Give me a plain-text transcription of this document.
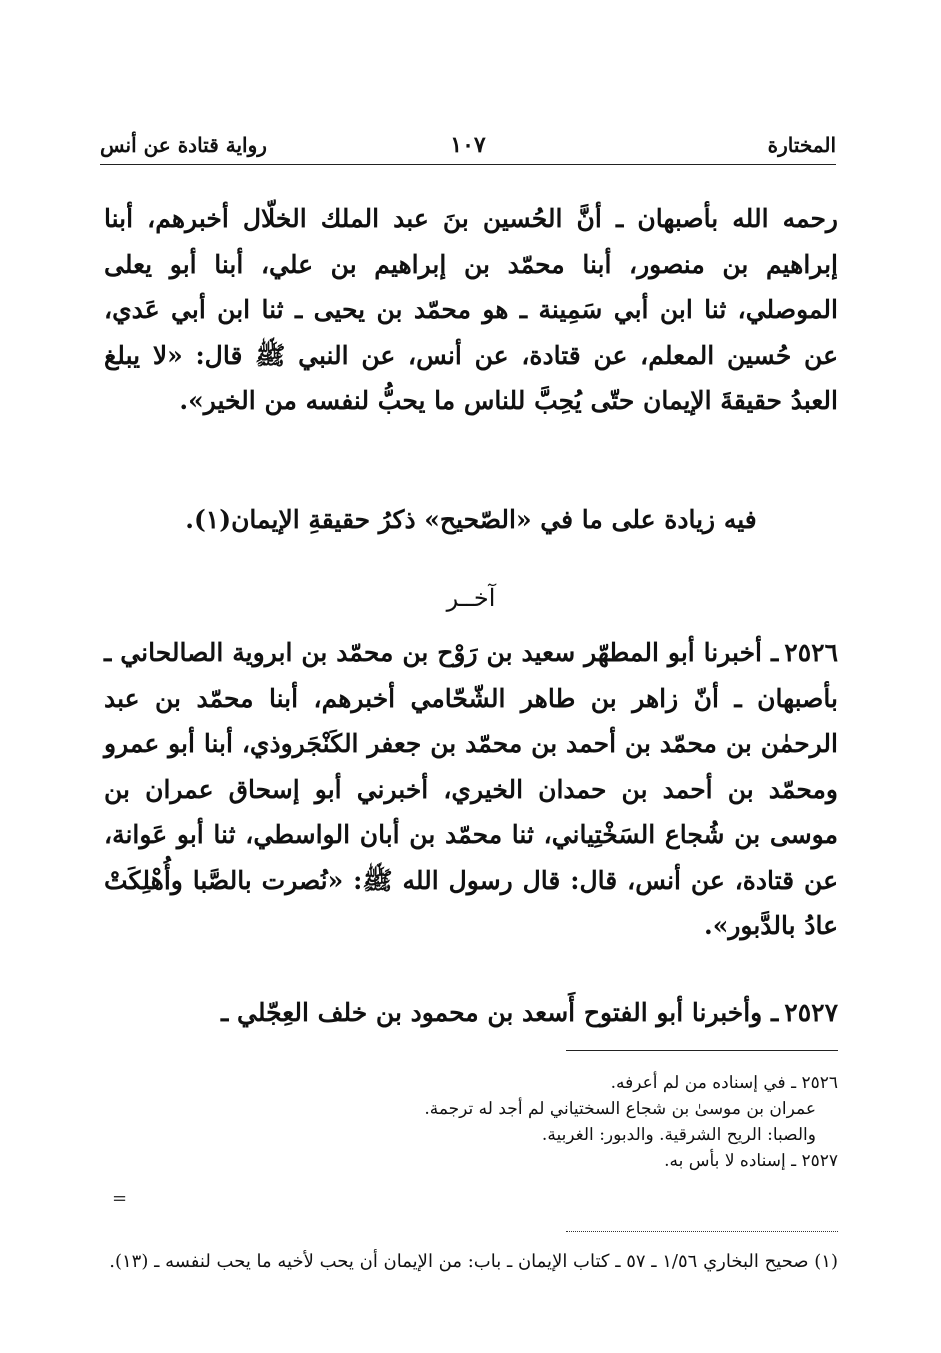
المختارة
١٠٧
رواية قتادة عن أنس

رحمه الله بأصبهان ـ أنَّ الحُسين بنَ عبد الملك الخلّال أخبرهم، أبنا إبراهيم بن منصور، أبنا محمّد بن إبراهيم بن علي، أبنا أبو يعلى الموصلي، ثنا ابن أبي سَمِينة ـ هو محمّد بن يحيى ـ ثنا ابن أبي عَدي، عن حُسين المعلم، عن قتادة، عن أنس، عن النبي ﷺ قال: «لا يبلغ العبدُ حقيقةَ الإيمان حتّى يُحِبَّ للناس ما يحبُّ لنفسه من الخير».

فيه زيادة على ما في «الصّحيح» ذكرُ حقيقةِ الإيمان(١).

آخــر

٢٥٢٦ـ أخبرنا أبو المطهّر سعيد بن رَوْح بن محمّد بن ابروية الصالحاني ـ بأصبهان ـ أنّ زاهر بن طاهر الشّحّامي أخبرهم، أبنا محمّد بن عبد الرحمٰن بن محمّد بن أحمد بن محمّد بن جعفر الكَنْجَروذي، أبنا أبو عمرو ومحمّد بن أحمد بن حمدان الخيري، أخبرني أبو إسحاق عمران بن موسى بن شُجاع السَخْتِياني، ثنا محمّد بن أبان الواسطي، ثنا أبو عَوانة، عن قتادة، عن أنس، قال: قال رسول الله ﷺ: «نُصرت بالصَّبا وأُهْلِكَتْ عادُ بالدَّبور».

٢٥٢٧ـ وأخبرنا أبو الفتوح أَسعد بن محمود بن خلف العِجّلي ـ

٢٥٢٦ ـ في إسناده من لم أعرفه.

عمران بن موسىٰ بن شجاع السختياني لم أجد له ترجمة.

والصبا: الريح الشرقية. والدبور: الغربية.

٢٥٢٧ ـ إسناده لا بأس به.

=

(١) صحيح البخاري ١/٥٦ ـ ٥٧ ـ كتاب الإيمان ـ باب: من الإيمان أن يحب لأخيه ما يحب لنفسه ـ (١٣).
